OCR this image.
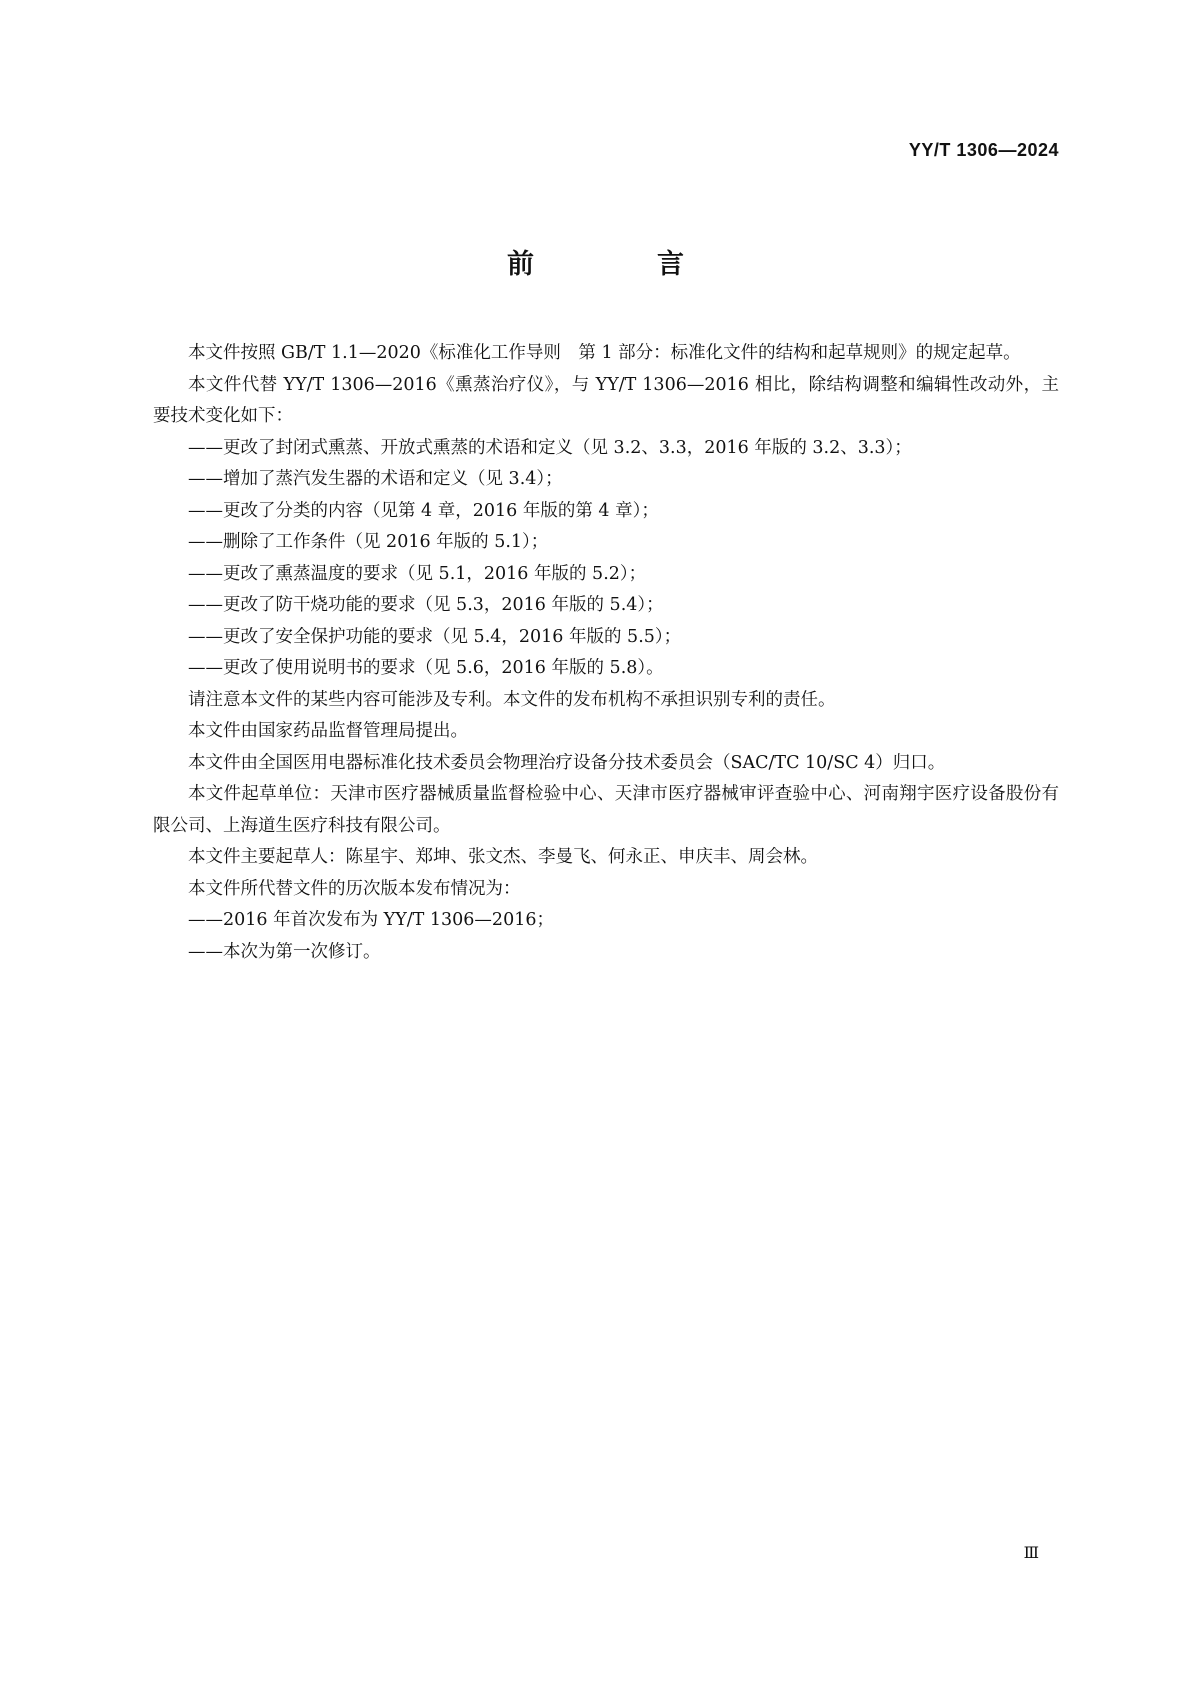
YY/T 1306—2024
前　言

本文件按照 GB/T 1.1—2020《标准化工作导则　第 1 部分：标准化文件的结构和起草规则》的规定起草。

本文件代替 YY/T 1306—2016《熏蒸治疗仪》，与 YY/T 1306—2016 相比，除结构调整和编辑性改动外，主要技术变化如下：

——更改了封闭式熏蒸、开放式熏蒸的术语和定义（见 3.2、3.3，2016 年版的 3.2、3.3）；

——增加了蒸汽发生器的术语和定义（见 3.4）；

——更改了分类的内容（见第 4 章，2016 年版的第 4 章）；

——删除了工作条件（见 2016 年版的 5.1）；

——更改了熏蒸温度的要求（见 5.1，2016 年版的 5.2）；

——更改了防干烧功能的要求（见 5.3，2016 年版的 5.4）；

——更改了安全保护功能的要求（见 5.4，2016 年版的 5.5）；

——更改了使用说明书的要求（见 5.6，2016 年版的 5.8）。

请注意本文件的某些内容可能涉及专利。本文件的发布机构不承担识别专利的责任。

本文件由国家药品监督管理局提出。

本文件由全国医用电器标准化技术委员会物理治疗设备分技术委员会（SAC/TC 10/SC 4）归口。

本文件起草单位：天津市医疗器械质量监督检验中心、天津市医疗器械审评查验中心、河南翔宇医疗设备股份有限公司、上海道生医疗科技有限公司。

本文件主要起草人：陈星宇、郑坤、张文杰、李曼飞、何永正、申庆丰、周会林。

本文件所代替文件的历次版本发布情况为：

——2016 年首次发布为 YY/T 1306—2016；

——本次为第一次修订。

Ⅲ
